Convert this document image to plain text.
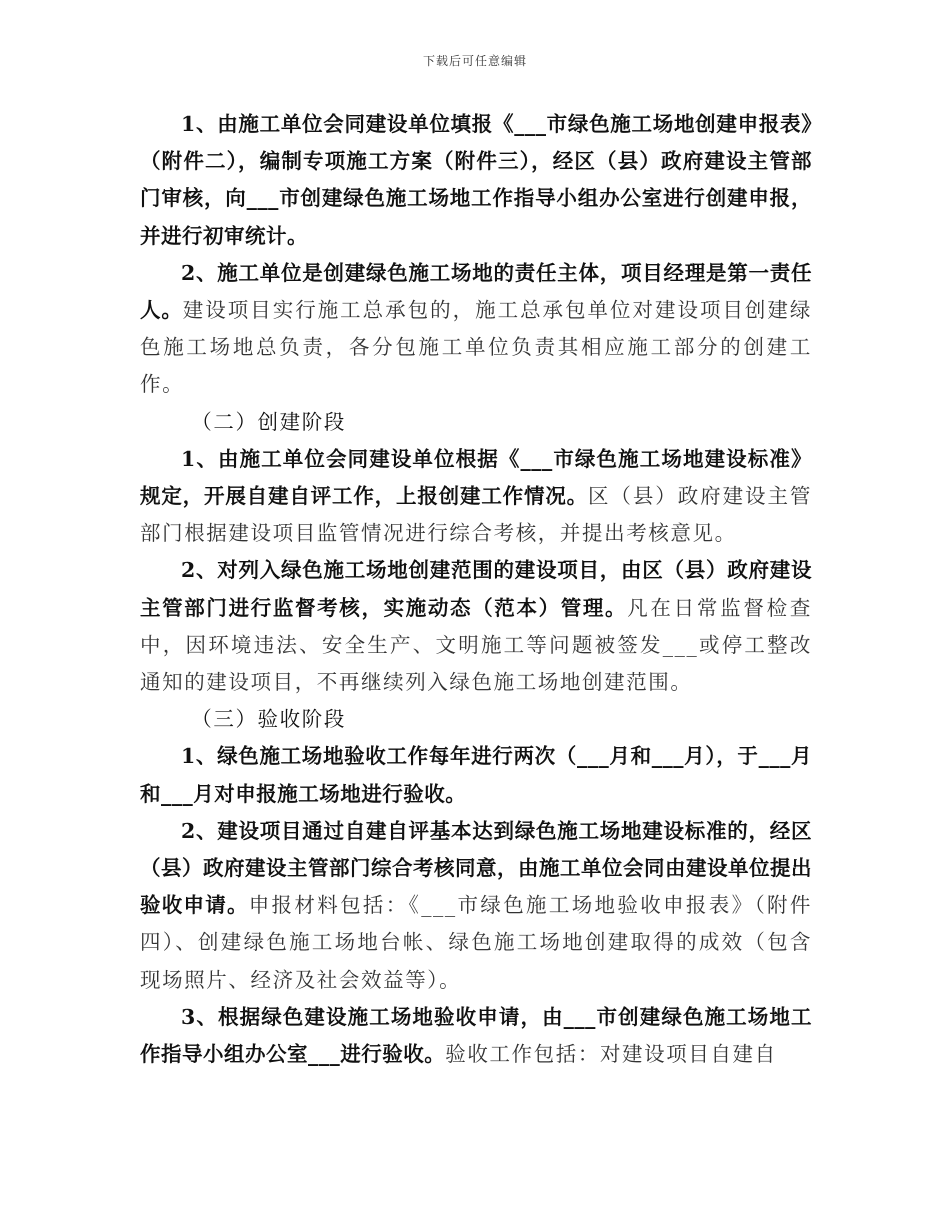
下载后可任意编辑

1、由施工单位会同建设单位填报《___市绿色施工场地创建申报表》（附件二），编制专项施工方案（附件三），经区（县）政府建设主管部门审核，向___市创建绿色施工场地工作指导小组办公室进行创建申报，并进行初审统计。

2、施工单位是创建绿色施工场地的责任主体，项目经理是第一责任人。建设项目实行施工总承包的，施工总承包单位对建设项目创建绿色施工场地总负责，各分包施工单位负责其相应施工部分的创建工作。

（二）创建阶段

1、由施工单位会同建设单位根据《___市绿色施工场地建设标准》规定，开展自建自评工作，上报创建工作情况。区（县）政府建设主管部门根据建设项目监管情况进行综合考核，并提出考核意见。

2、对列入绿色施工场地创建范围的建设项目，由区（县）政府建设主管部门进行监督考核，实施动态（范本）管理。凡在日常监督检查中，因环境违法、安全生产、文明施工等问题被签发___或停工整改通知的建设项目，不再继续列入绿色施工场地创建范围。

（三）验收阶段

1、绿色施工场地验收工作每年进行两次（___月和___月），于___月和___月对申报施工场地进行验收。

2、建设项目通过自建自评基本达到绿色施工场地建设标准的，经区（县）政府建设主管部门综合考核同意，由施工单位会同由建设单位提出验收申请。申报材料包括：《___市绿色施工场地验收申报表》（附件四）、创建绿色施工场地台帐、绿色施工场地创建取得的成效（包含现场照片、经济及社会效益等）。

3、根据绿色建设施工场地验收申请，由___市创建绿色施工场地工作指导小组办公室___进行验收。验收工作包括：对建设项目自建自
